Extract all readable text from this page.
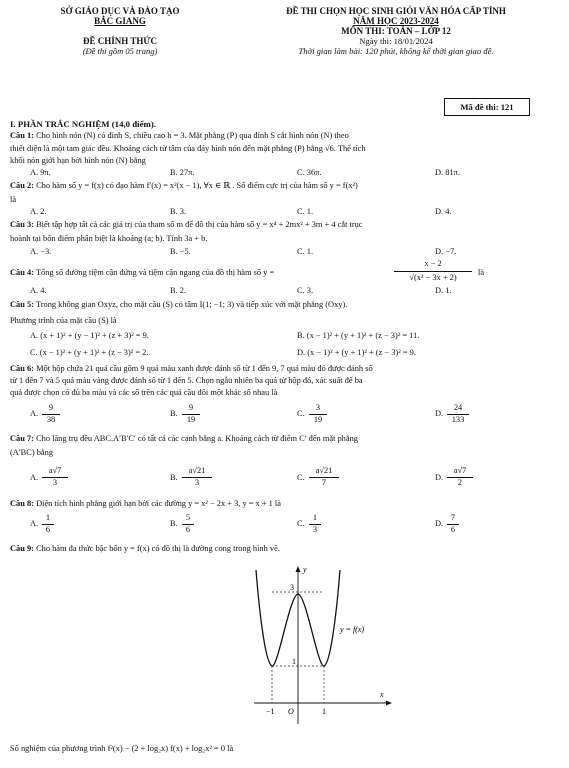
SỞ GIÁO DỤC VÀ ĐÀO TẠO
BẮC GIANG
ĐỀ CHÍNH THỨC
(Đề thi gồm 05 trang)
ĐỀ THI CHỌN HỌC SINH GIỎI VĂN HÓA CẤP TỈNH
NĂM HỌC 2023-2024
MÔN THI: TOÁN – LỚP 12
Ngày thi: 18/01/2024
Thời gian làm bài: 120 phút, không kể thời gian giao đề.
Mã đề thi: 121
I. PHẦN TRẮC NGHIỆM (14,0 điểm).
Câu 1: Cho hình nón (N) có đỉnh S, chiều cao h = 3. Mặt phẳng (P) qua đỉnh S cắt hình nón (N) theo
thiết diện là một tam giác đều. Khoảng cách từ tâm của đáy hình nón đến mặt phẳng (P) bằng √6. Thể tích
khối nón giới hạn bởi hình nón (N) bằng
A. 9π.	B. 27π.	C. 36π.	D. 81π.
Câu 2: Cho hàm số y = f(x) có đạo hàm f′(x) = x²(x − 1), ∀x ∈ ℝ . Số điểm cực trị của hàm số y = f(x²)
là
A. 2.	B. 3.	C. 1.	D. 4.
Câu 3: Biết tập hợp tất cả các giá trị của tham số m để đồ thị của hàm số y = x⁴ + 2mx² + 3m + 4 cắt trục
hoành tại bốn điểm phân biệt là khoảng (a; b). Tính 3a + b.
A. −3.	B. −5.	C. 1.	D. −7.
Câu 4: Tổng số đường tiệm cận đứng và tiệm cận ngang của đồ thị hàm số y =	$\frac{x - 2}{\text{√(x² − 3x + 2)}}$ là
A. 4.	B. 2.	C. 3.	D. 1.
Câu 5: Trong không gian Oxyz, cho mặt cầu (S) có tâm I(1; −1; 3) và tiếp xúc với mặt phẳng (Oxy).
Phương trình của mặt cầu (S) là
A. (x + 1)² + (y − 1)² + (z + 3)² = 9.	B. (x − 1)² + (y + 1)² + (z − 3)² = 11.
C. (x − 1)² + (y + 1)² + (z − 3)² = 2.	D. (x − 1)² + (y + 1)² + (z − 3)² = 9.
Câu 6: Một hộp chứa 21 quả cầu gồm 9 quả màu xanh được đánh số từ 1 đến 9, 7 quả màu đỏ được đánh số
từ 1 đến 7 và 5 quả màu vàng được đánh số từ 1 đến 5. Chọn ngẫu nhiên ba quả từ hộp đó, xác suất để ba
quả được chọn có đủ ba màu và các số trên các quả cầu đôi một khác số nhau là
A. $\frac{9}{38}$	B. $\frac{9}{19}$	C. $\frac{3}{19}$	D. $\frac{24}{133}$
Câu 7: Cho lăng trụ đều ABC.A′B′C′ có tất cả các cạnh bằng a. Khoảng cách từ điểm C′ đến mặt phẳng
(A′BC) bằng
A. $\frac{a√7}{3}$	B. $\frac{a√21}{3}$	C. $\frac{a√21}{7}$	D. $\frac{a√7}{2}$
Câu 8: Diện tích hình phẳng giới hạn bởi các đường y = x² − 2x + 3, y = x + 1 là
A. $\frac{1}{6}$	B. $\frac{5}{6}$	C. $\frac{1}{3}$	D. $\frac{7}{6}$
Câu 9: Cho hàm đa thức bậc bốn y = f(x) có đồ thị là đường cong trong hình vẽ.
y
x
O
y = f(x)
3
1
−1	1
Số nghiệm của phương trình f²(x) − (2 + log₂x) f(x) + log₂x² = 0 là
